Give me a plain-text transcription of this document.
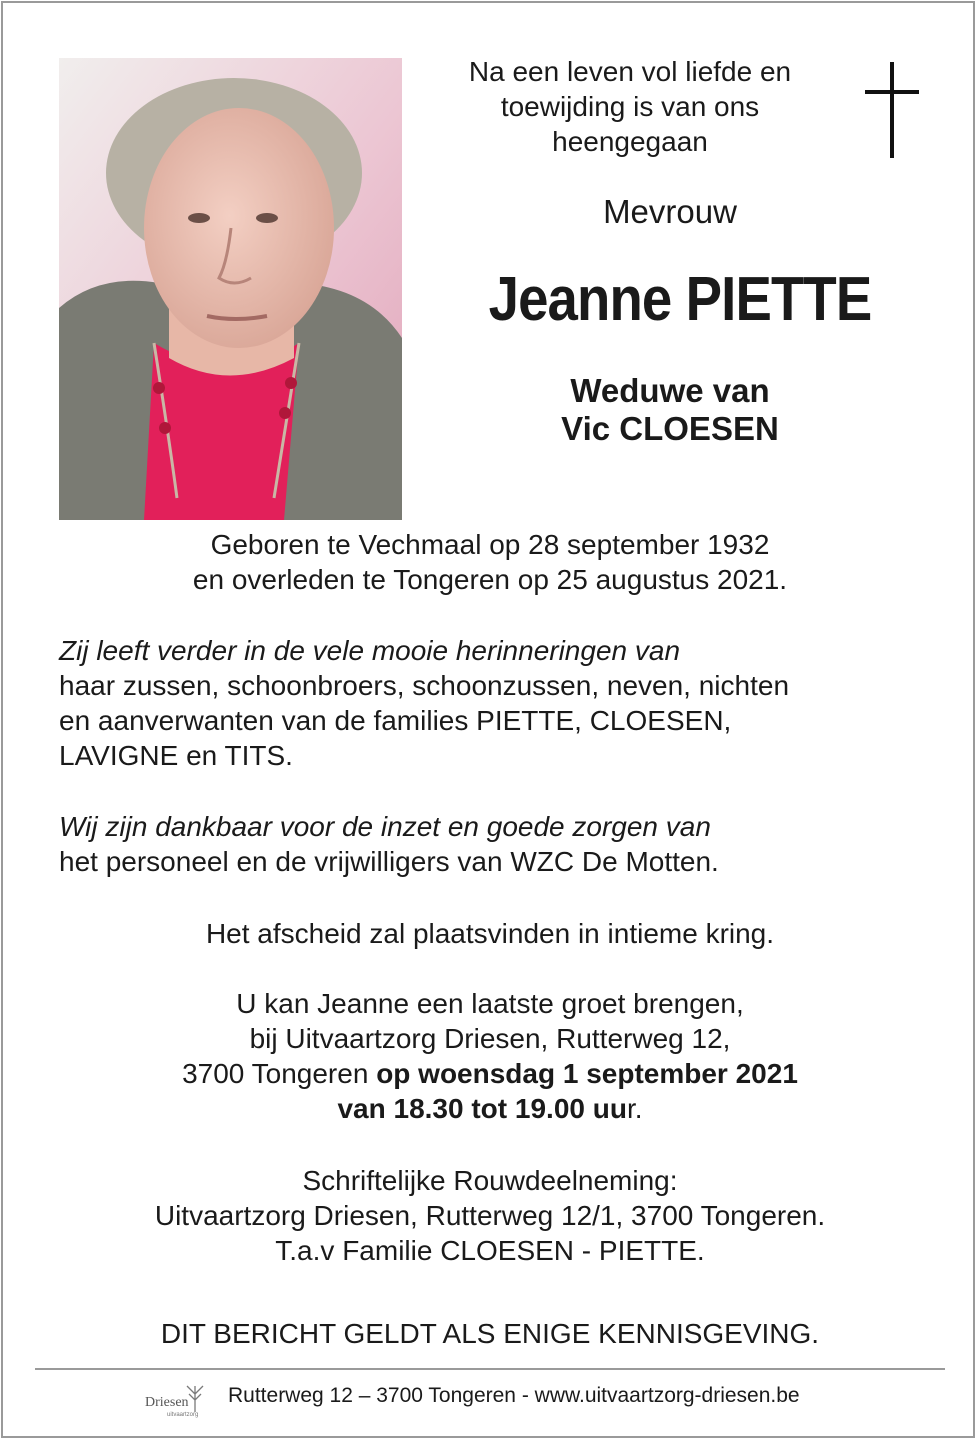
Na een leven vol liefde en
toewijding is van ons
heengegaan
Mevrouw
Jeanne PIETTE
Weduwe van
Vic CLOESEN
Geboren te Vechmaal op 28 september 1932
en overleden te Tongeren op 25 augustus 2021.
Zij leeft verder in de vele mooie herinneringen van
haar zussen, schoonbroers, schoonzussen, neven, nichten
en aanverwanten van de families PIETTE, CLOESEN,
LAVIGNE en TITS.
Wij zijn dankbaar voor de inzet en goede zorgen van
het personeel en de vrijwilligers van WZC De Motten.
Het afscheid zal plaatsvinden in intieme kring.
U kan Jeanne een laatste groet brengen,
bij Uitvaartzorg Driesen, Rutterweg 12,
3700 Tongeren op woensdag 1 september 2021
van 18.30 tot 19.00 uur.
Schriftelijke Rouwdeelneming:
Uitvaartzorg Driesen, Rutterweg 12/1, 3700 Tongeren.
T.a.v Familie CLOESEN - PIETTE.
DIT BERICHT GELDT ALS ENIGE KENNISGEVING.
Driesen
uitvaartzorg
Rutterweg 12 – 3700 Tongeren - www.uitvaartzorg-driesen.be
